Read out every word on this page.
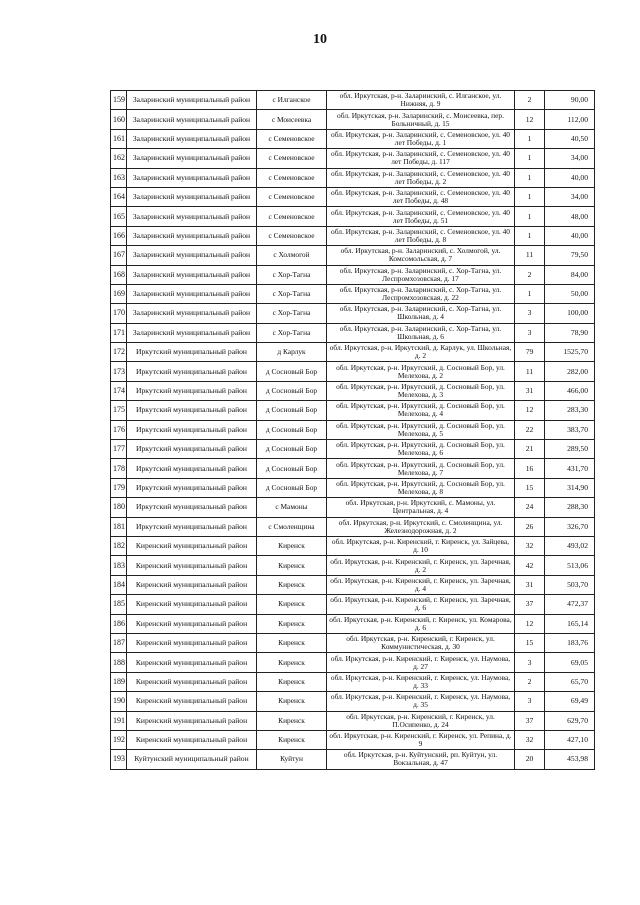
10
159	Заларинский муниципальный район	с Илганское	обл. Иркутская, р-н. Заларинский, с. Илганское, ул. Нижняя, д. 9	2	90,00
160	Заларинский муниципальный район	с Моисеевка	обл. Иркутская, р-н. Заларинский, с. Моисеевка, пер. Больничный, д. 15	12	112,00
161	Заларинский муниципальный район	с Семеновское	обл. Иркутская, р-н. Заларинский, с. Семеновское, ул. 40 лет Победы, д. 1	1	40,50
162	Заларинский муниципальный район	с Семеновское	обл. Иркутская, р-н. Заларинский, с. Семеновское, ул. 40 лет Победы, д. 117	1	34,00
163	Заларинский муниципальный район	с Семеновское	обл. Иркутская, р-н. Заларинский, с. Семеновское, ул. 40 лет Победы, д. 2	1	40,00
164	Заларинский муниципальный район	с Семеновское	обл. Иркутская, р-н. Заларинский, с. Семеновское, ул. 40 лет Победы, д. 48	1	34,00
165	Заларинский муниципальный район	с Семеновское	обл. Иркутская, р-н. Заларинский, с. Семеновское, ул. 40 лет Победы, д. 51	1	48,00
166	Заларинский муниципальный район	с Семеновское	обл. Иркутская, р-н. Заларинский, с. Семеновское, ул. 40 лет Победы, д. 8	1	40,00
167	Заларинский муниципальный район	с Холмогой	обл. Иркутская, р-н. Заларинский, с. Холмогой, ул. Комсомольская, д. 7	11	79,50
168	Заларинский муниципальный район	с Хор-Тагна	обл. Иркутская, р-н. Заларинский, с. Хор-Тагна, ул. Леспромхозовская, д. 17	2	84,00
169	Заларинский муниципальный район	с Хор-Тагна	обл. Иркутская, р-н. Заларинский, с. Хор-Тагна, ул. Леспромхозовская, д. 22	1	50,00
170	Заларинский муниципальный район	с Хор-Тагна	обл. Иркутская, р-н. Заларинский, с. Хор-Тагна, ул. Школьная, д. 4	3	100,00
171	Заларинский муниципальный район	с Хор-Тагна	обл. Иркутская, р-н. Заларинский, с. Хор-Тагна, ул. Школьная, д. 6	3	78,90
172	Иркутский муниципальный район	д Карлук	обл. Иркутская, р-н. Иркутский, д. Карлук, ул. Школьная, д. 2	79	1525,70
173	Иркутский муниципальный район	д Сосновый Бор	обл. Иркутская, р-н. Иркутский, д. Сосновый Бор, ул. Мелехова, д. 2	11	282,00
174	Иркутский муниципальный район	д Сосновый Бор	обл. Иркутская, р-н. Иркутский, д. Сосновый Бор, ул. Мелехова, д. 3	31	466,00
175	Иркутский муниципальный район	д Сосновый Бор	обл. Иркутская, р-н. Иркутский, д. Сосновый Бор, ул. Мелехова, д. 4	12	283,30
176	Иркутский муниципальный район	д Сосновый Бор	обл. Иркутская, р-н. Иркутский, д. Сосновый Бор, ул. Мелехова, д. 5	22	383,70
177	Иркутский муниципальный район	д Сосновый Бор	обл. Иркутская, р-н. Иркутский, д. Сосновый Бор, ул. Мелехова, д. 6	21	289,50
178	Иркутский муниципальный район	д Сосновый Бор	обл. Иркутская, р-н. Иркутский, д. Сосновый Бор, ул. Мелехова, д. 7	16	431,70
179	Иркутский муниципальный район	д Сосновый Бор	обл. Иркутская, р-н. Иркутский, д. Сосновый Бор, ул. Мелехова, д. 8	15	314,90
180	Иркутский муниципальный район	с Мамоны	обл. Иркутская, р-н. Иркутский, с. Мамоны, ул. Центральная, д. 4	24	288,30
181	Иркутский муниципальный район	с Смоленщина	обл. Иркутская, р-н. Иркутский, с. Смоленщина, ул. Железнодорожная, д. 2	26	326,70
182	Киренский муниципальный район	Киренск	обл. Иркутская, р-н. Киренский, г. Киренск, ул. Зайцева, д. 10	32	493,02
183	Киренский муниципальный район	Киренск	обл. Иркутская, р-н. Киренский, г. Киренск, ул. Заречная, д. 2	42	513,06
184	Киренский муниципальный район	Киренск	обл. Иркутская, р-н. Киренский, г. Киренск, ул. Заречная, д. 4	31	503,70
185	Киренский муниципальный район	Киренск	обл. Иркутская, р-н. Киренский, г. Киренск, ул. Заречная, д. 6	37	472,37
186	Киренский муниципальный район	Киренск	обл. Иркутская, р-н. Киренский, г. Киренск, ул. Комарова, д. 6	12	165,14
187	Киренский муниципальный район	Киренск	обл. Иркутская, р-н. Киренский, г. Киренск, ул. Коммунистическая, д. 30	15	183,76
188	Киренский муниципальный район	Киренск	обл. Иркутская, р-н. Киренский, г. Киренск, ул. Наумова, д. 27	3	69,05
189	Киренский муниципальный район	Киренск	обл. Иркутская, р-н. Киренский, г. Киренск, ул. Наумова, д. 33	2	65,70
190	Киренский муниципальный район	Киренск	обл. Иркутская, р-н. Киренский, г. Киренск, ул. Наумова, д. 35	3	69,49
191	Киренский муниципальный район	Киренск	обл. Иркутская, р-н. Киренский, г. Киренск, ул. П.Осипенко, д. 24	37	629,70
192	Киренский муниципальный район	Киренск	обл. Иркутская, р-н. Киренский, г. Киренск, ул. Репина, д. 9	32	427,10
193	Куйтунский муниципальный район	Куйтун	обл. Иркутская, р-н. Куйтунский, рп. Куйтун, ул. Вокзальная, д. 47	20	453,98
